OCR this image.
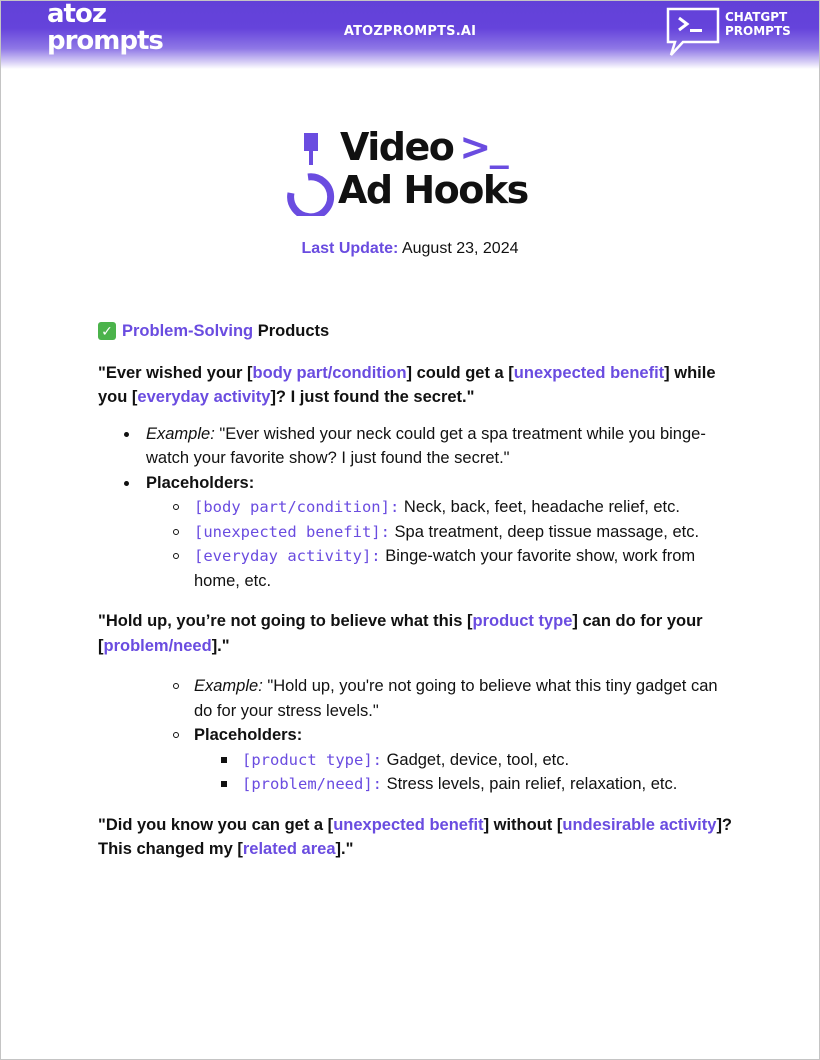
atoz
prompts	ATOZPROMPTS.AI
CHATGPT
PROMPTS
Video >_
Ad Hooks
Last Update: August 23, 2024
✓ Problem-Solving Products
"Ever wished your [body part/condition] could get a [unexpected benefit] while you [everyday activity]? I just found the secret."
Example: "Ever wished your neck could get a spa treatment while you binge-watch your favorite show? I just found the secret."
Placeholders:
[body part/condition]: Neck, back, feet, headache relief, etc.
[unexpected benefit]: Spa treatment, deep tissue massage, etc.
[everyday activity]: Binge-watch your favorite show, work from home, etc.
"Hold up, you’re not going to believe what this [product type] can do for your [problem/need]."
Example: "Hold up, you're not going to believe what this tiny gadget can do for your stress levels."
Placeholders:
[product type]: Gadget, device, tool, etc.
[problem/need]: Stress levels, pain relief, relaxation, etc.
"Did you know you can get a [unexpected benefit] without [undesirable activity]? This changed my [related area]."
